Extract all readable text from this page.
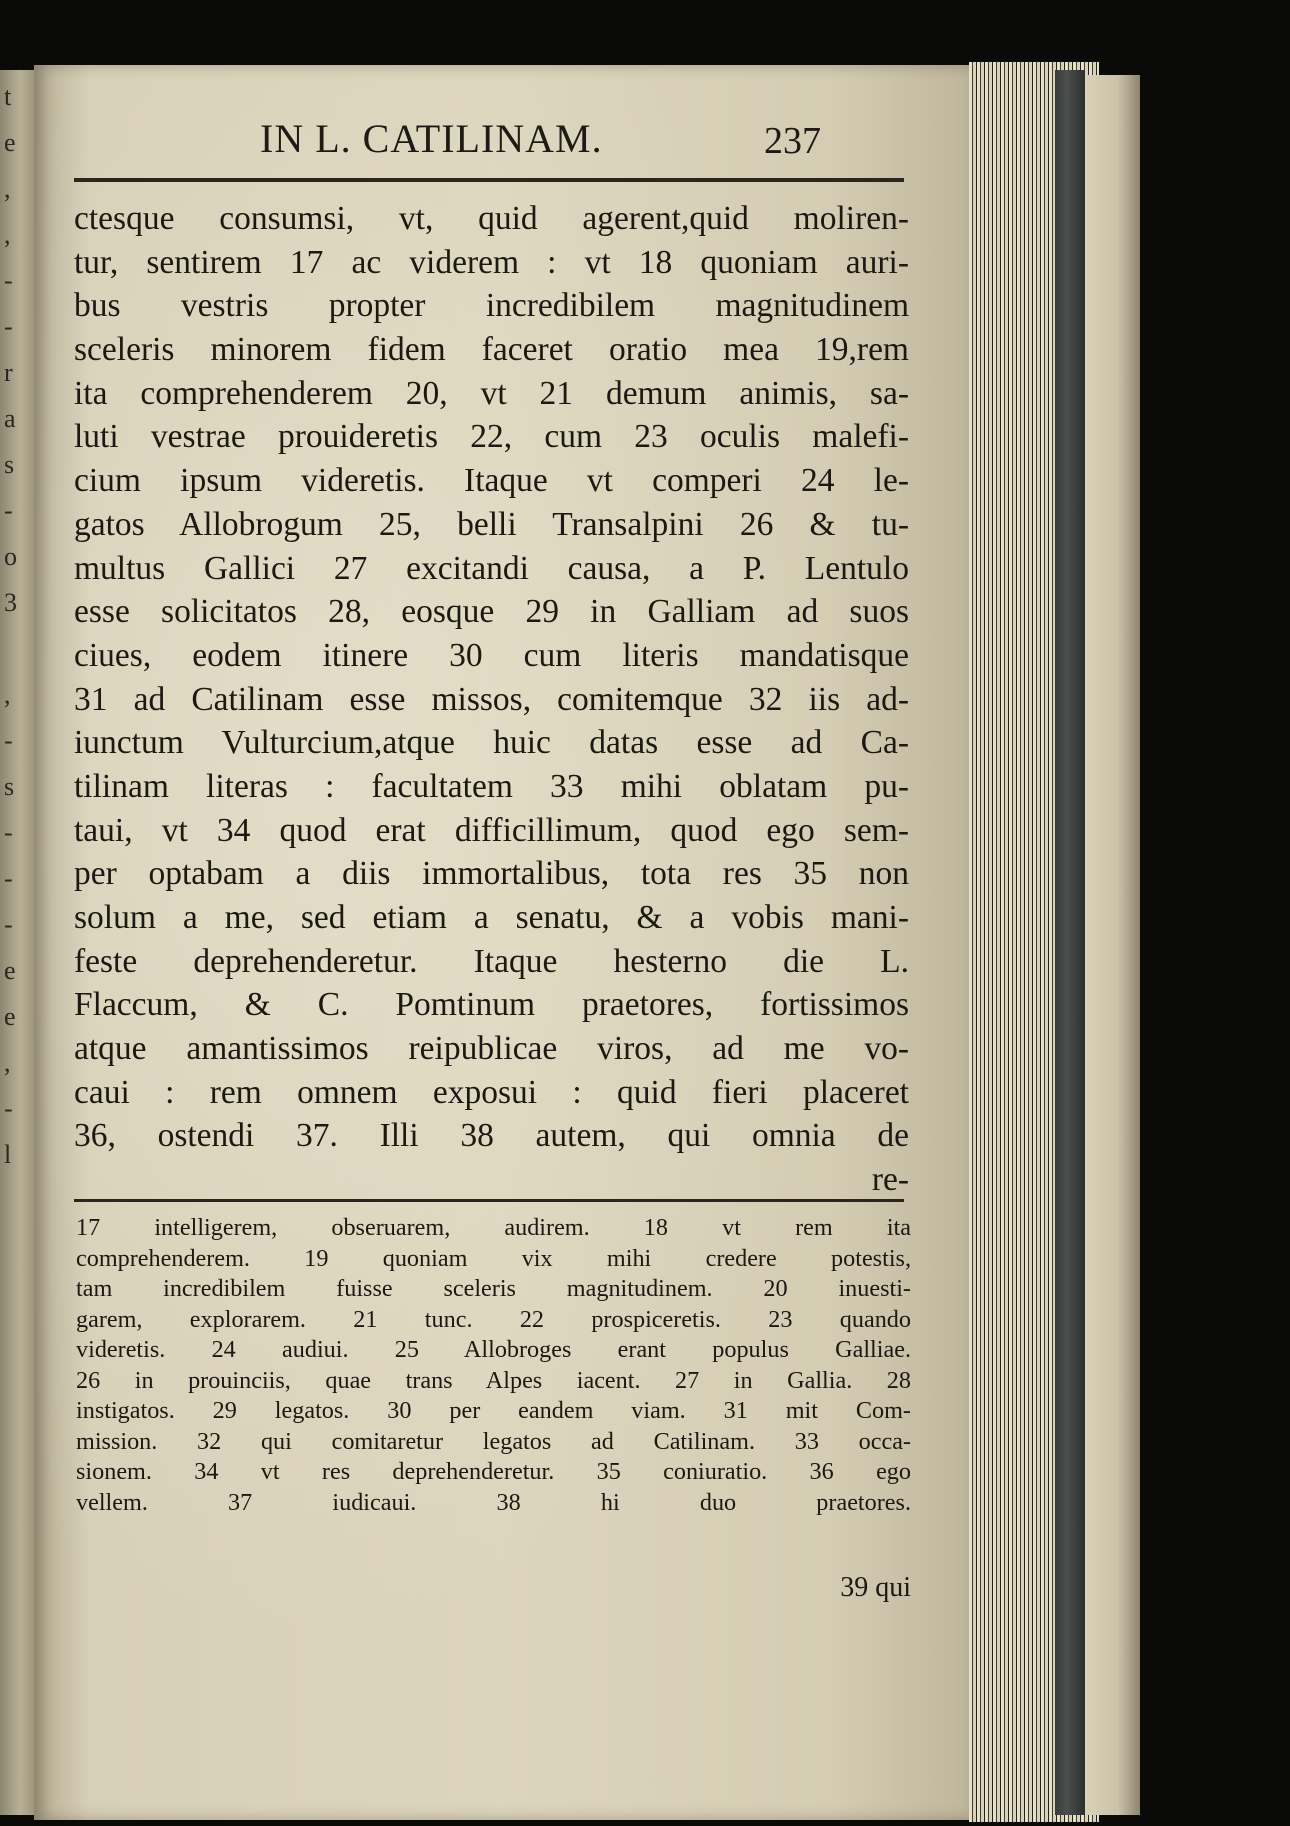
t
e
,
,
-
-
r
a
s
-
o
3
,
-
s
-
-
-
e
e
,
-
l
IN L. CATILINAM.	237
ctesque consumsi, vt, quid agerent,quid moliren-
tur, sentirem 17 ac viderem : vt 18 quoniam auri-
bus vestris propter incredibilem magnitudinem
sceleris minorem fidem faceret oratio mea 19,rem
ita comprehenderem 20, vt 21 demum animis, sa-
luti vestrae prouideretis 22, cum 23 oculis malefi-
cium ipsum videretis. Itaque vt comperi 24 le-
gatos Allobrogum 25, belli Transalpini 26 & tu-
multus Gallici 27 excitandi causa, a P. Lentulo
esse solicitatos 28, eosque 29 in Galliam ad suos
ciues, eodem itinere 30 cum literis mandatisque
31 ad Catilinam esse missos, comitemque 32 iis ad-
iunctum Vulturcium,atque huic datas esse ad Ca-
tilinam literas : facultatem 33 mihi oblatam pu-
taui, vt 34 quod erat difficillimum, quod ego sem-
per optabam a diis immortalibus, tota res 35 non
solum a me, sed etiam a senatu, & a vobis mani-
feste deprehenderetur. Itaque hesterno die L.
Flaccum, & C. Pomtinum praetores, fortissimos
atque amantissimos reipublicae viros, ad me vo-
caui : rem omnem exposui : quid fieri placeret
36, ostendi 37. Illi 38 autem, qui omnia de
re-
17 intelligerem, obseruarem, audirem. 18 vt rem ita
comprehenderem. 19 quoniam vix mihi credere potestis,
tam incredibilem fuisse sceleris magnitudinem. 20 inuesti-
garem, explorarem. 21 tunc. 22 prospiceretis. 23 quando
videretis. 24 audiui. 25 Allobroges erant populus Galliae.
26 in prouinciis, quae trans Alpes iacent. 27 in Gallia. 28
instigatos. 29 legatos. 30 per eandem viam. 31 mit Com-
mission. 32 qui comitaretur legatos ad Catilinam. 33 occa-
sionem. 34 vt res deprehenderetur. 35 coniuratio. 36 ego
vellem. 37 iudicaui. 38 hi duo praetores.
39 qui
